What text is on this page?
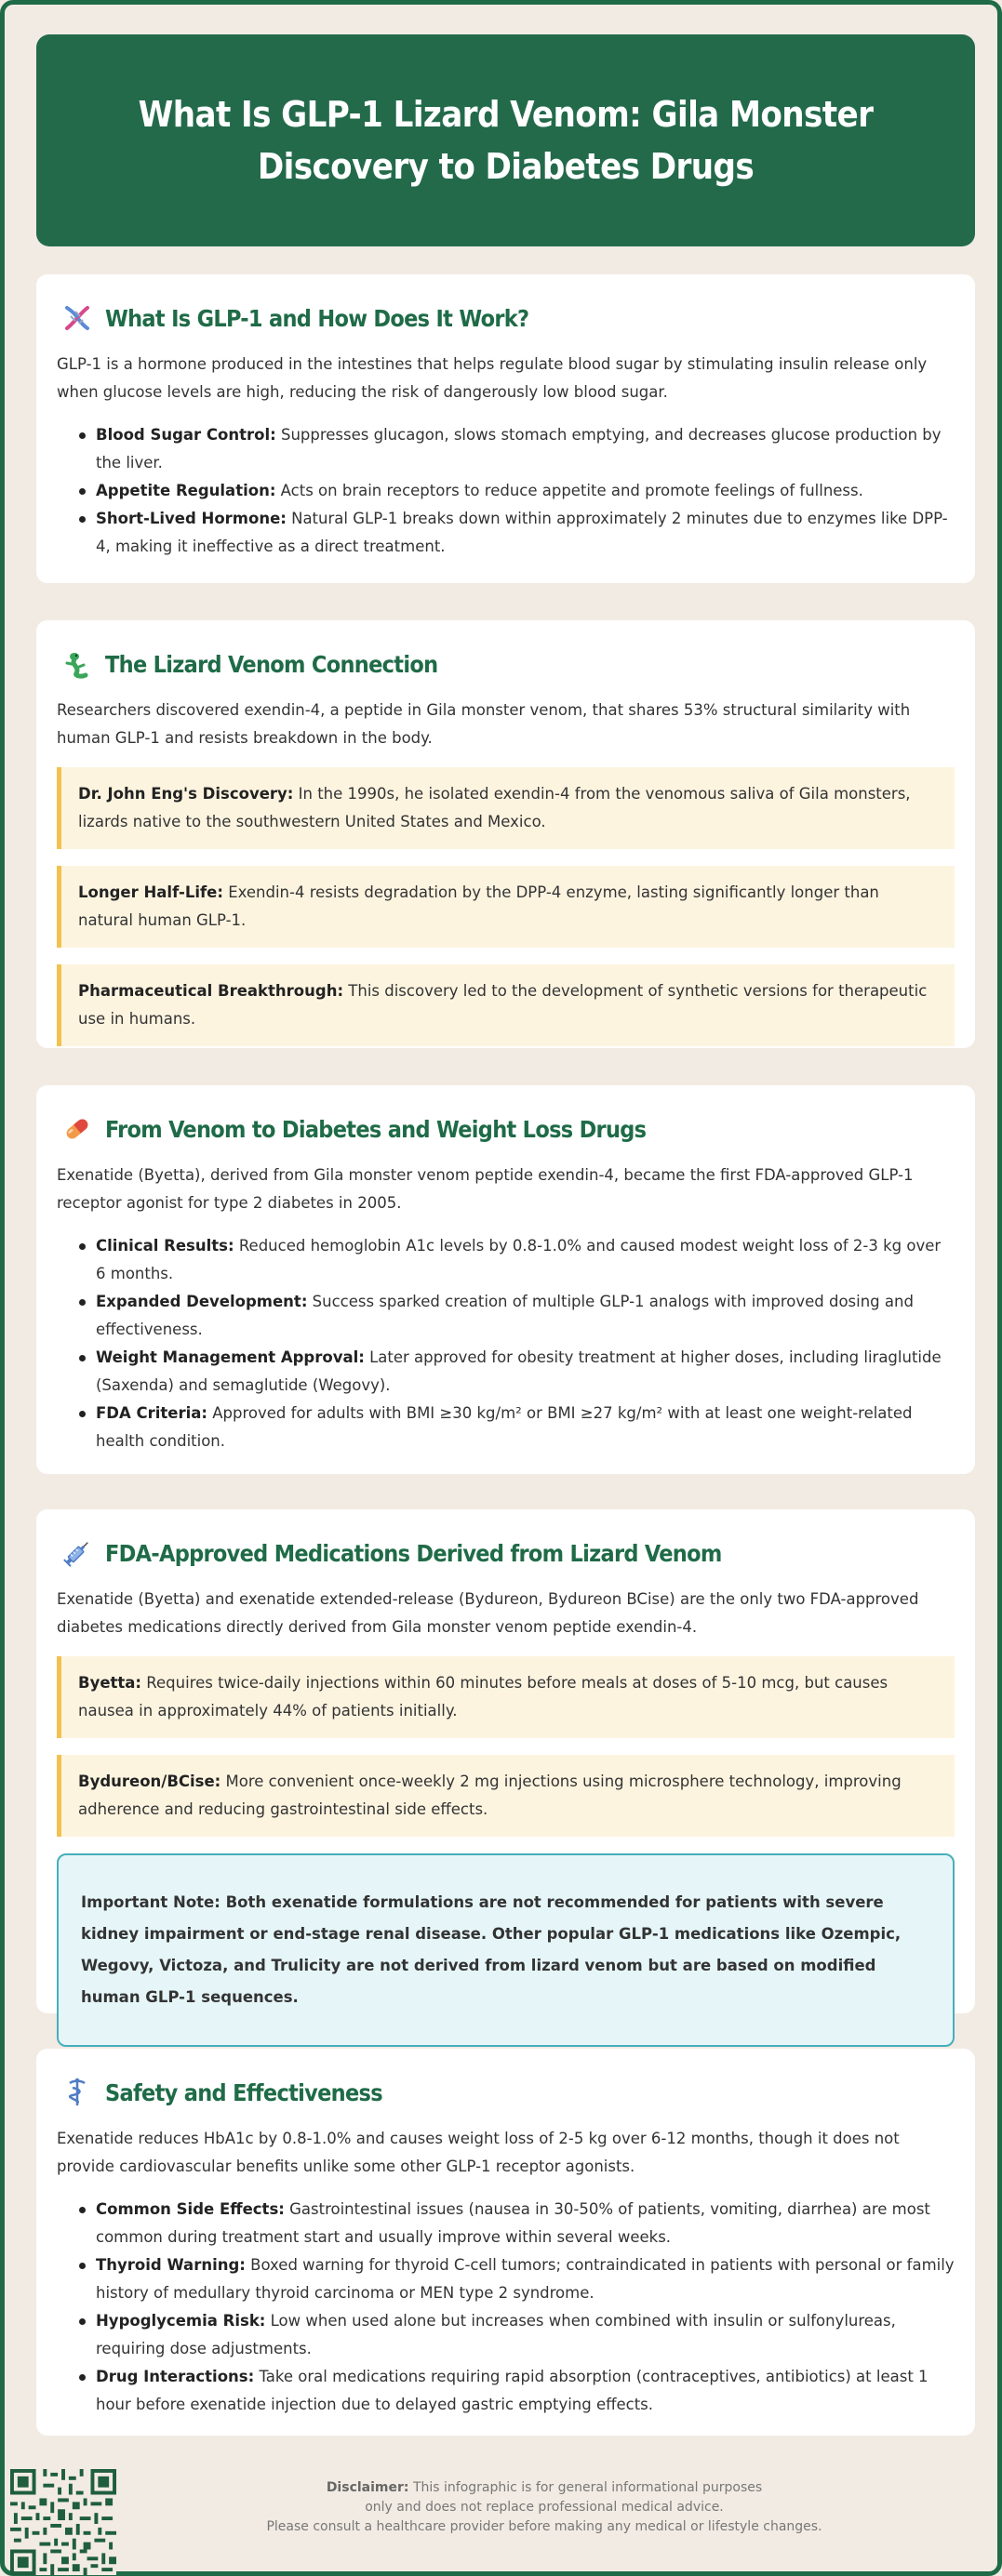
What Is GLP-1 Lizard Venom: Gila Monster Discovery to Diabetes Drugs
What Is GLP-1 and How Does It Work?

GLP-1 is a hormone produced in the intestines that helps regulate blood sugar by stimulating insulin release only when glucose levels are high, reducing the risk of dangerously low blood sugar.

Blood Sugar Control: Suppresses glucagon, slows stomach emptying, and decreases glucose production by the liver.
Appetite Regulation: Acts on brain receptors to reduce appetite and promote feelings of fullness.
Short-Lived Hormone: Natural GLP-1 breaks down within approximately 2 minutes due to enzymes like DPP-4, making it ineffective as a direct treatment.
The Lizard Venom Connection

Researchers discovered exendin-4, a peptide in Gila monster venom, that shares 53% structural similarity with human GLP-1 and resists breakdown in the body.

Dr. John Eng's Discovery: In the 1990s, he isolated exendin-4 from the venomous saliva of Gila monsters, lizards native to the southwestern United States and Mexico.
Longer Half-Life: Exendin-4 resists degradation by the DPP-4 enzyme, lasting significantly longer than natural human GLP-1.
Pharmaceutical Breakthrough: This discovery led to the development of synthetic versions for therapeutic use in humans.
From Venom to Diabetes and Weight Loss Drugs

Exenatide (Byetta), derived from Gila monster venom peptide exendin-4, became the first FDA-approved GLP-1 receptor agonist for type 2 diabetes in 2005.

Clinical Results: Reduced hemoglobin A1c levels by 0.8-1.0% and caused modest weight loss of 2-3 kg over 6 months.
Expanded Development: Success sparked creation of multiple GLP-1 analogs with improved dosing and effectiveness.
Weight Management Approval: Later approved for obesity treatment at higher doses, including liraglutide (Saxenda) and semaglutide (Wegovy).
FDA Criteria: Approved for adults with BMI ≥30 kg/m² or BMI ≥27 kg/m² with at least one weight-related health condition.
FDA-Approved Medications Derived from Lizard Venom

Exenatide (Byetta) and exenatide extended-release (Bydureon, Bydureon BCise) are the only two FDA-approved diabetes medications directly derived from Gila monster venom peptide exendin-4.

Byetta: Requires twice-daily injections within 60 minutes before meals at doses of 5-10 mcg, but causes nausea in approximately 44% of patients initially.
Bydureon/BCise: More convenient once-weekly 2 mg injections using microsphere technology, improving adherence and reducing gastrointestinal side effects.
Important Note: Both exenatide formulations are not recommended for patients with severe kidney impairment or end-stage renal disease. Other popular GLP-1 medications like Ozempic, Wegovy, Victoza, and Trulicity are not derived from lizard venom but are based on modified human GLP-1 sequences.
Safety and Effectiveness

Exenatide reduces HbA1c by 0.8-1.0% and causes weight loss of 2-5 kg over 6-12 months, though it does not provide cardiovascular benefits unlike some other GLP-1 receptor agonists.

Common Side Effects: Gastrointestinal issues (nausea in 30-50% of patients, vomiting, diarrhea) are most common during treatment start and usually improve within several weeks.
Thyroid Warning: Boxed warning for thyroid C-cell tumors; contraindicated in patients with personal or family history of medullary thyroid carcinoma or MEN type 2 syndrome.
Hypoglycemia Risk: Low when used alone but increases when combined with insulin or sulfonylureas, requiring dose adjustments.
Drug Interactions: Take oral medications requiring rapid absorption (contraceptives, antibiotics) at least 1 hour before exenatide injection due to delayed gastric emptying effects.
Disclaimer: This infographic is for general informational purposes
only and does not replace professional medical advice.
Please consult a healthcare provider before making any medical or lifestyle changes.
